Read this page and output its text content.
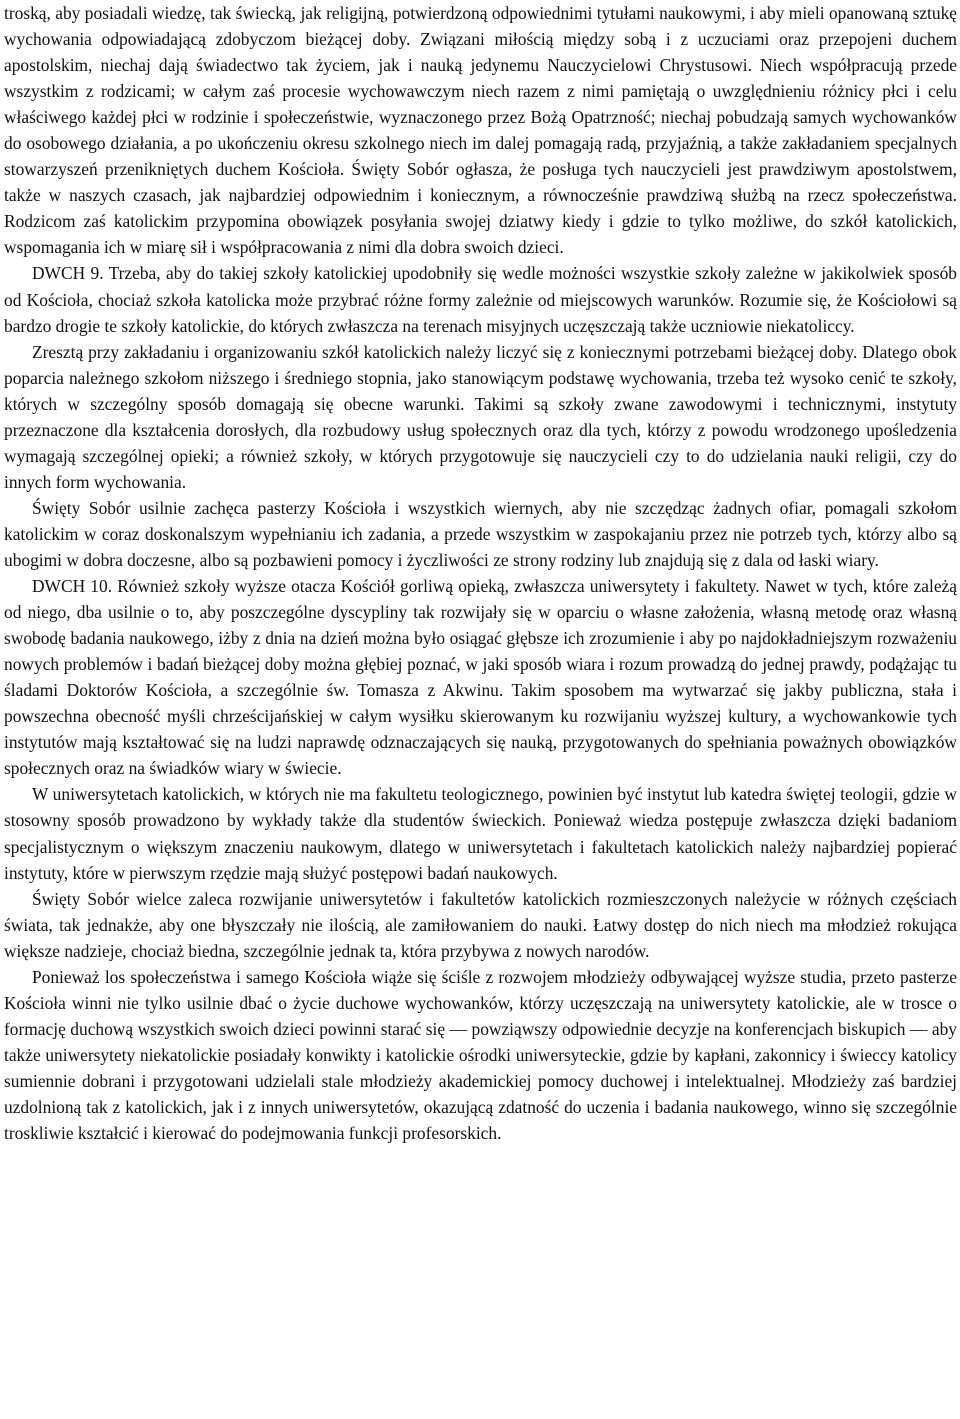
troską, aby posiadali wiedzę, tak świecką, jak religijną, potwierdzoną odpowiednimi tytułami naukowymi, i aby mieli opanowaną sztukę wychowania odpowiadającą zdobyczom bieżącej doby. Związani miłością między sobą i z uczuciami oraz przepojeni duchem apostolskim, niechaj dają świadectwo tak życiem, jak i nauką jedynemu Nauczycielowi Chrystusowi. Niech współpracują przede wszystkim z rodzicami; w całym zaś procesie wychowawczym niech razem z nimi pamiętają o uwzględnieniu różnicy płci i celu właściwego każdej płci w rodzinie i społeczeństwie, wyznaczonego przez Bożą Opatrzność; niechaj pobudzają samych wychowanków do osobowego działania, a po ukończeniu okresu szkolnego niech im dalej pomagają radą, przyjaźnią, a także zakładaniem specjalnych stowarzyszeń przenikniętych duchem Kościoła. Święty Sobór ogłasza, że posługa tych nauczycieli jest prawdziwym apostolstwem, także w naszych czasach, jak najbardziej odpowiednim i koniecznym, a równocześnie prawdziwą służbą na rzecz społeczeństwa. Rodzicom zaś katolickim przypomina obowiązek posyłania swojej dziatwy kiedy i gdzie to tylko możliwe, do szkół katolickich, wspomagania ich w miarę sił i współpracowania z nimi dla dobra swoich dzieci.

DWCH 9. Trzeba, aby do takiej szkoły katolickiej upodobniły się wedle możności wszystkie szkoły zależne w jakikolwiek sposób od Kościoła, chociaż szkoła katolicka może przybrać różne formy zależnie od miejscowych warunków. Rozumie się, że Kościołowi są bardzo drogie te szkoły katolickie, do których zwłaszcza na terenach misyjnych uczęszczają także uczniowie niekatoliccy.

Zresztą przy zakładaniu i organizowaniu szkół katolickich należy liczyć się z koniecznymi potrzebami bieżącej doby. Dlatego obok poparcia należnego szkołom niższego i średniego stopnia, jako stanowiącym podstawę wychowania, trzeba też wysoko cenić te szkoły, których w szczególny sposób domagają się obecne warunki. Takimi są szkoły zwane zawodowymi i technicznymi, instytuty przeznaczone dla kształcenia dorosłych, dla rozbudowy usług społecznych oraz dla tych, którzy z powodu wrodzonego upośledzenia wymagają szczególnej opieki; a również szkoły, w których przygotowuje się nauczycieli czy to do udzielania nauki religii, czy do innych form wychowania.

Święty Sobór usilnie zachęca pasterzy Kościoła i wszystkich wiernych, aby nie szczędząc żadnych ofiar, pomagali szkołom katolickim w coraz doskonalszym wypełnianiu ich zadania, a przede wszystkim w zaspokajaniu przez nie potrzeb tych, którzy albo są ubogimi w dobra doczesne, albo są pozbawieni pomocy i życzliwości ze strony rodziny lub znajdują się z dala od łaski wiary.

DWCH 10. Również szkoły wyższe otacza Kościół gorliwą opieką, zwłaszcza uniwersytety i fakultety. Nawet w tych, które zależą od niego, dba usilnie o to, aby poszczególne dyscypliny tak rozwijały się w oparciu o własne założenia, własną metodę oraz własną swobodę badania naukowego, iżby z dnia na dzień można było osiągać głębsze ich zrozumienie i aby po najdokładniejszym rozważeniu nowych problemów i badań bieżącej doby można głębiej poznać, w jaki sposób wiara i rozum prowadzą do jednej prawdy, podążając tu śladami Doktorów Kościoła, a szczególnie św. Tomasza z Akwinu. Takim sposobem ma wytwarzać się jakby publiczna, stała i powszechna obecność myśli chrześcijańskiej w całym wysiłku skierowanym ku rozwijaniu wyższej kultury, a wychowankowie tych instytutów mają kształtować się na ludzi naprawdę odznaczających się nauką, przygotowanych do spełniania poważnych obowiązków społecznych oraz na świadków wiary w świecie.

W uniwersytetach katolickich, w których nie ma fakultetu teologicznego, powinien być instytut lub katedra świętej teologii, gdzie w stosowny sposób prowadzono by wykłady także dla studentów świeckich. Ponieważ wiedza postępuje zwłaszcza dzięki badaniom specjalistycznym o większym znaczeniu naukowym, dlatego w uniwersytetach i fakultetach katolickich należy najbardziej popierać instytuty, które w pierwszym rzędzie mają służyć postępowi badań naukowych.

Święty Sobór wielce zaleca rozwijanie uniwersytetów i fakultetów katolickich rozmieszczonych należycie w różnych częściach świata, tak jednakże, aby one błyszczały nie ilością, ale zamiłowaniem do nauki. Łatwy dostęp do nich niech ma młodzież rokująca większe nadzieje, chociaż biedna, szczególnie jednak ta, która przybywa z nowych narodów.

Ponieważ los społeczeństwa i samego Kościoła wiąże się ściśle z rozwojem młodzieży odbywającej wyższe studia, przeto pasterze Kościoła winni nie tylko usilnie dbać o życie duchowe wychowanków, którzy uczęszczają na uniwersytety katolickie, ale w trosce o formację duchową wszystkich swoich dzieci powinni starać się — powziąwszy odpowiednie decyzje na konferencjach biskupich — aby także uniwersytety niekatolickie posiadały konwikty i katolickie ośrodki uniwersyteckie, gdzie by kapłani, zakonnicy i świeccy katolicy sumiennie dobrani i przygotowani udzielali stale młodzieży akademickiej pomocy duchowej i intelektualnej. Młodzieży zaś bardziej uzdolnioną tak z katolickich, jak i z innych uniwersytetów, okazującą zdatność do uczenia i badania naukowego, winno się szczególnie troskliwie kształcić i kierować do podejmowania funkcji profesorskich.
